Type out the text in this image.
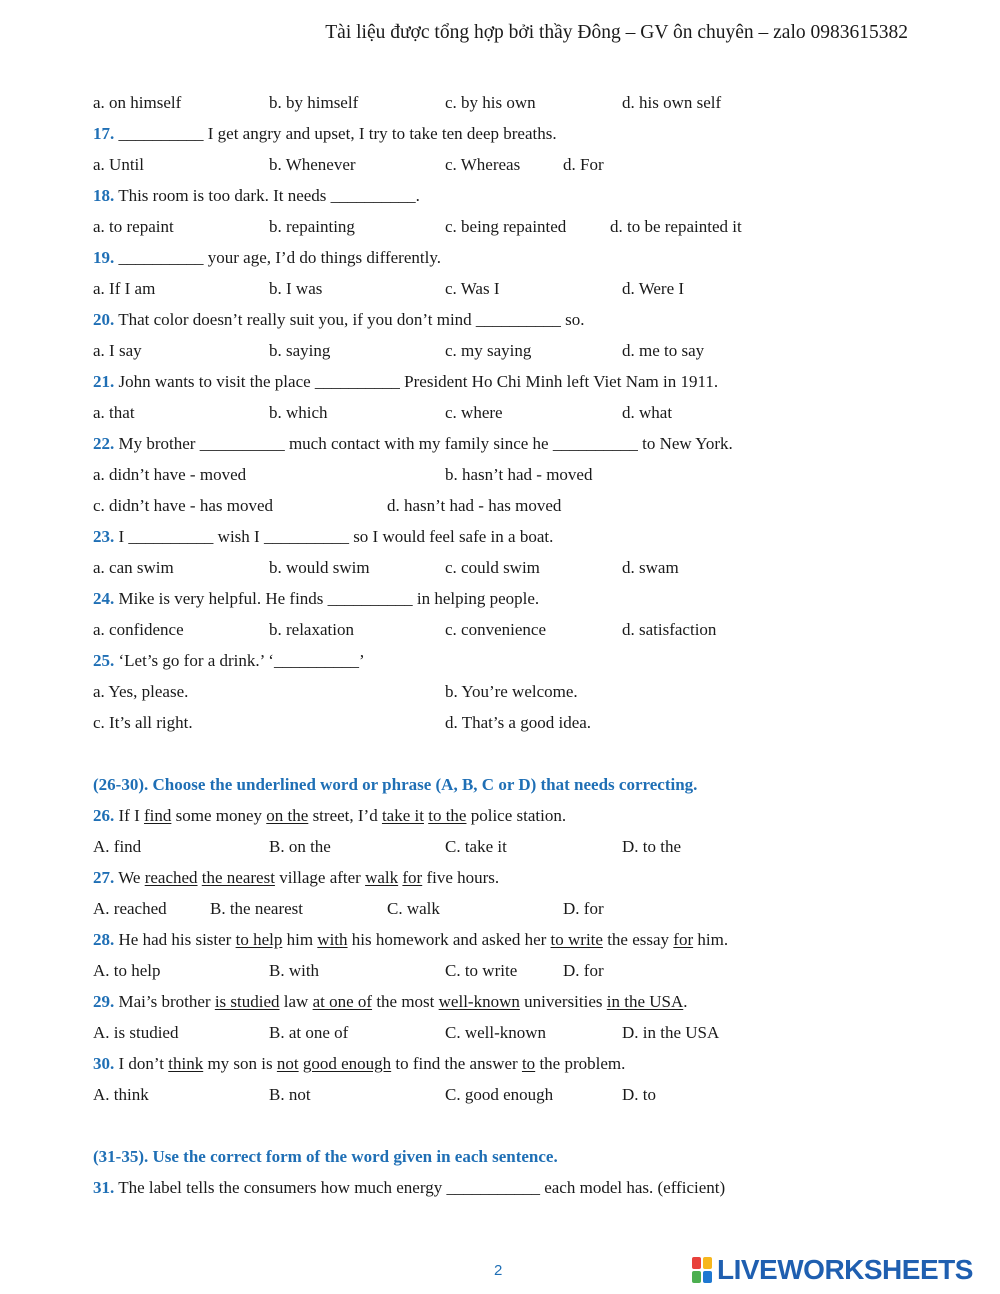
Tài liệu được tổng hợp bởi thầy Đông – GV ôn chuyên – zalo 0983615382
a. on himself	b. by himself	c. by his own	d. his own self
17. __________ I get angry and upset, I try to take ten deep breaths.
a. Until	b. Whenever	c. Whereas	d. For
18. This room is too dark. It needs __________.
a. to repaint	b. repainting	c. being repainted	d. to be repainted it
19. __________ your age, I’d do things differently.
a. If I am	b. I was	c. Was I	d. Were I
20. That color doesn’t really suit you, if you don’t mind __________ so.
a. I say	b. saying	c. my saying	d. me to say
21. John wants to visit the place __________ President Ho Chi Minh left Viet Nam in 1911.
a. that	b. which	c. where	d. what
22. My brother __________ much contact with my family since he __________ to New York.
a. didn’t have - moved	b. hasn’t had - moved
c. didn’t have - has moved	d. hasn’t had - has moved
23. I __________ wish I __________ so I would feel safe in a boat.
a. can swim	b. would swim	c. could swim	d. swam
24. Mike is very helpful. He finds __________ in helping people.
a. confidence	b. relaxation	c. convenience	d. satisfaction
25. ‘Let’s go for a drink.’ ‘__________’
a. Yes, please.	b. You’re welcome.
c. It’s all right.	d. That’s a good idea.
(26-30). Choose the underlined word or phrase (A, B, C or D) that needs correcting.
26. If I find some money on the street, I’d take it to the police station.
A. find	B. on the	C. take it	D. to the
27. We reached the nearest village after walk for five hours.
A. reached	B. the nearest	C. walk	D. for
28. He had his sister to help him with his homework and asked her to write the essay for him.
A. to help	B. with	C. to write	D. for
29. Mai’s brother is studied law at one of the most well-known universities in the USA.
A. is studied	B. at one of	C. well-known	D. in the USA
30. I don’t think my son is not good enough to find the answer to the problem.
A. think	B. not	C. good enough	D. to
(31-35). Use the correct form of the word given in each sentence.
31. The label tells the consumers how much energy ___________ each model has. (efficient)
2	LIVEWORKSHEETS
